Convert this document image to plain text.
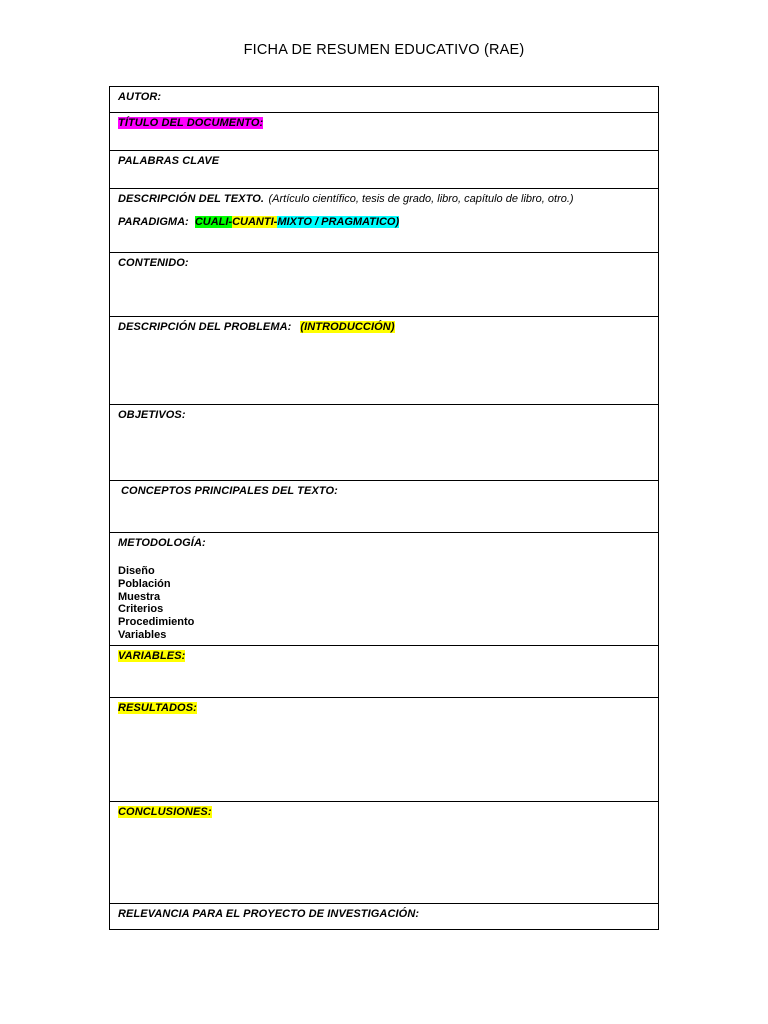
FICHA DE RESUMEN EDUCATIVO (RAE)
AUTOR:
TÍTULO DEL DOCUMENTO:
PALABRAS CLAVE
DESCRIPCIÓN DEL TEXTO. (Artículo científico, tesis de grado, libro, capítulo de libro, otro.)
PARADIGMA: CUALI-CUANTI-MIXTO / PRAGMATICO)
CONTENIDO:
DESCRIPCIÓN DEL PROBLEMA: (INTRODUCCIÓN)
OBJETIVOS:
CONCEPTOS PRINCIPALES DEL TEXTO:
METODOLOGÍA:
Diseño
Población
Muestra
Criterios
Procedimiento
Variables
VARIABLES:
RESULTADOS:
CONCLUSIONES:
RELEVANCIA PARA EL PROYECTO DE INVESTIGACIÓN:
